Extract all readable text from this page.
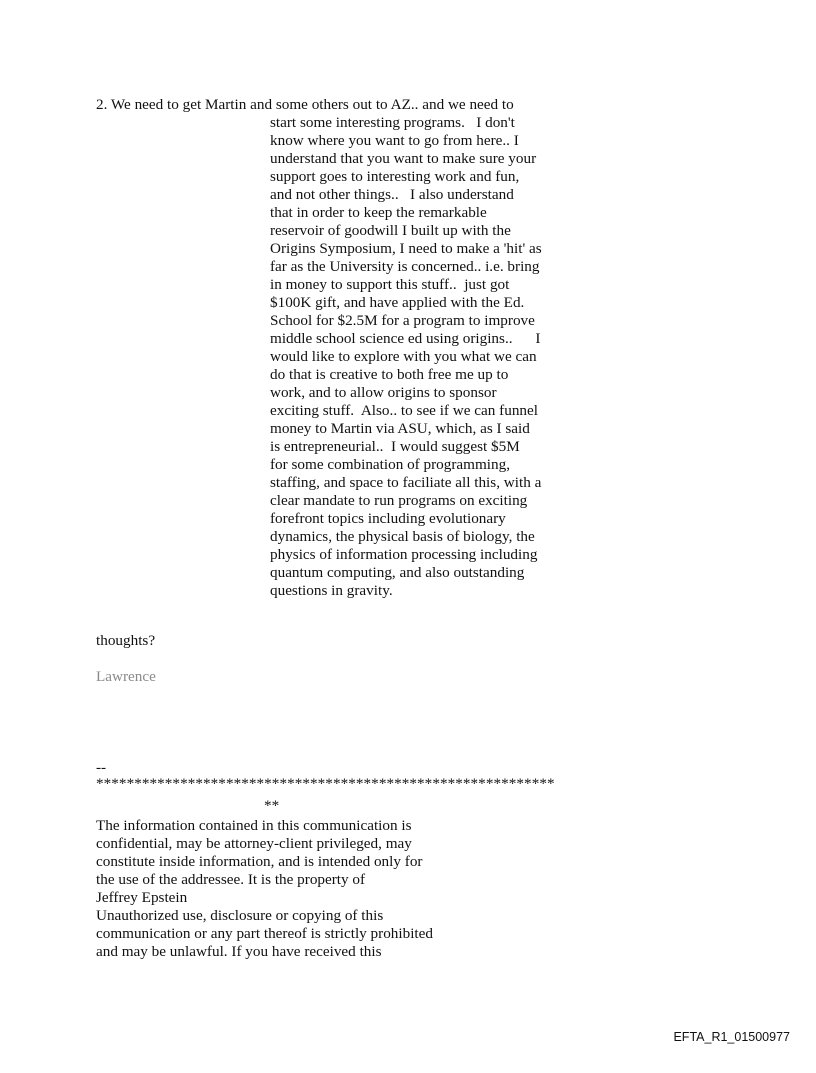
2. We need to get Martin and some others out to AZ.. and we need to
start some interesting programs.   I don't
know where you want to go from here.. I
understand that you want to make sure your
support goes to interesting work and fun,
and not other things..   I also understand
that in order to keep the remarkable
reservoir of goodwill I built up with the
Origins Symposium, I need to make a 'hit' as
far as the University is concerned.. i.e. bring
in money to support this stuff..  just got
$100K gift, and have applied with the Ed.
School for $2.5M for a program to improve
middle school science ed using origins..      I
would like to explore with you what we can
do that is creative to both free me up to
work, and to allow origins to sponsor
exciting stuff.  Also.. to see if we can funnel
money to Martin via ASU, which, as I said
is entrepreneurial..  I would suggest $5M
for some combination of programming,
staffing, and space to faciliate all this, with a
clear mandate to run programs on exciting
forefront topics including evolutionary
dynamics, the physical basis of biology, the
physics of information processing including
quantum computing, and also outstanding
questions in gravity.
thoughts?
Lawrence
--
************************************************************
**
The information contained in this communication is
confidential, may be attorney-client privileged, may
constitute inside information, and is intended only for
the use of the addressee. It is the property of
Jeffrey Epstein
Unauthorized use, disclosure or copying of this
communication or any part thereof is strictly prohibited
and may be unlawful. If you have received this
EFTA_R1_01500977
